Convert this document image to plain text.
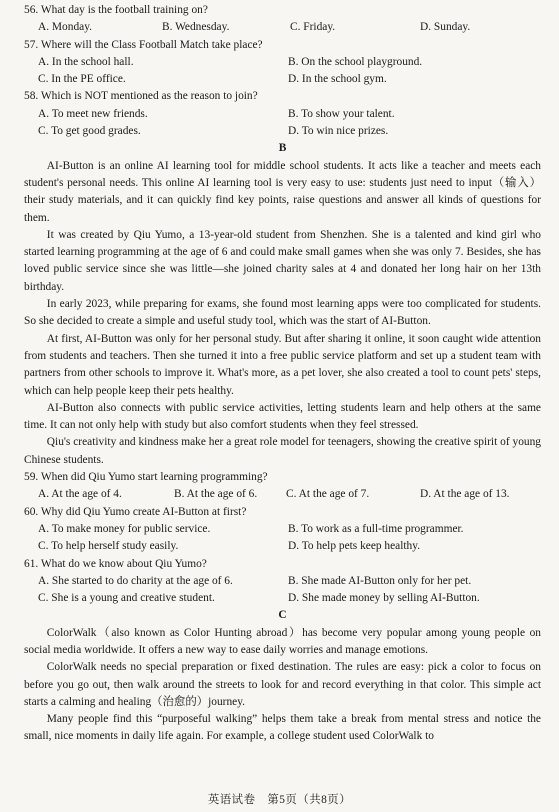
56. What day is the football training on?

A. Monday.	B. Wednesday.	C. Friday.	D. Sunday.

57. Where will the Class Football Match take place?

A. In the school hall.	B. On the school playground.
C. In the PE office.	D. In the school gym.

58. Which is NOT mentioned as the reason to join?

A. To meet new friends.	B. To show your talent.
C. To get good grades.	D. To win nice prizes.

B

AI-Button is an online AI learning tool for middle school students. It acts like a teacher and meets each student's personal needs. This online AI learning tool is very easy to use: students just need to input（输入）their study materials, and it can quickly find key points, raise questions and answer all kinds of questions for them.

It was created by Qiu Yumo, a 13-year-old student from Shenzhen. She is a talented and kind girl who started learning programming at the age of 6 and could make small games when she was only 7. Besides, she has loved public service since she was little—she joined charity sales at 4 and donated her long hair on her 13th birthday.

In early 2023, while preparing for exams, she found most learning apps were too complicated for students. So she decided to create a simple and useful study tool, which was the start of AI-Button.

At first, AI-Button was only for her personal study. But after sharing it online, it soon caught wide attention from students and teachers. Then she turned it into a free public service platform and set up a student team with partners from other schools to improve it. What's more, as a pet lover, she also created a tool to count pets' steps, which can help people keep their pets healthy.

AI-Button also connects with public service activities, letting students learn and help others at the same time. It can not only help with study but also comfort students when they feel stressed.

Qiu's creativity and kindness make her a great role model for teenagers, showing the creative spirit of young Chinese students.

59. When did Qiu Yumo start learning programming?

A. At the age of 4.	B. At the age of 6.	C. At the age of 7.	D. At the age of 13.

60. Why did Qiu Yumo create AI-Button at first?

A. To make money for public service.	B. To work as a full-time programmer.
C. To help herself study easily.	D. To help pets keep healthy.

61. What do we know about Qiu Yumo?

A. She started to do charity at the age of 6.	B. She made AI-Button only for her pet.
C. She is a young and creative student.	D. She made money by selling AI-Button.

C

ColorWalk（also known as Color Hunting abroad）has become very popular among young people on social media worldwide. It offers a new way to ease daily worries and manage emotions.

ColorWalk needs no special preparation or fixed destination. The rules are easy: pick a color to focus on before you go out, then walk around the streets to look for and record everything in that color. This simple act starts a calming and healing（治愈的）journey.

Many people find this “purposeful walking” helps them take a break from mental stress and notice the small, nice moments in daily life again. For example, a college student used ColorWalk to

英语试卷　第5页（共8页）
